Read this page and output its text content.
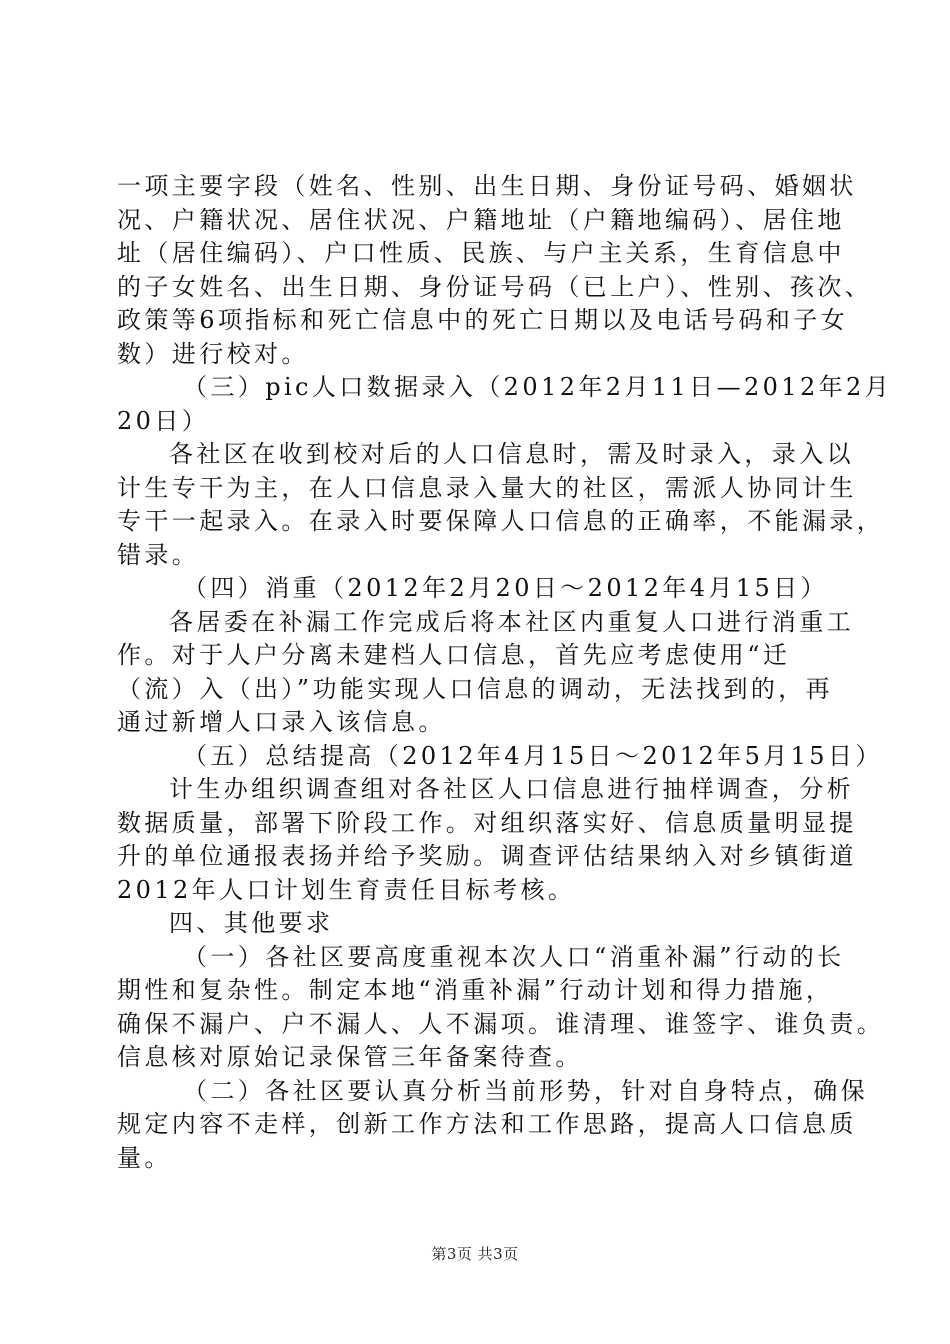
一项主要字段（姓名、性别、出生日期、身份证号码、婚姻状
况、户籍状况、居住状况、户籍地址（户籍地编码）、居住地
址（居住编码）、户口性质、民族、与户主关系，生育信息中
的子女姓名、出生日期、身份证号码（已上户）、性别、孩次、
政策等6项指标和死亡信息中的死亡日期以及电话号码和子女
数）进行校对。
（三）pic人口数据录入（2012年2月11日—2012年2月
20日）
各社区在收到校对后的人口信息时，需及时录入，录入以
计生专干为主，在人口信息录入量大的社区，需派人协同计生
专干一起录入。在录入时要保障人口信息的正确率，不能漏录，
错录。
（四）消重（2012年2月20日～2012年4月15日）
各居委在补漏工作完成后将本社区内重复人口进行消重工
作。对于人户分离未建档人口信息，首先应考虑使用“迁
（流）入（出）”功能实现人口信息的调动，无法找到的，再
通过新增人口录入该信息。
（五）总结提高（2012年4月15日～2012年5月15日）
计生办组织调查组对各社区人口信息进行抽样调查，分析
数据质量，部署下阶段工作。对组织落实好、信息质量明显提
升的单位通报表扬并给予奖励。调查评估结果纳入对乡镇街道
2012年人口计划生育责任目标考核。
四、其他要求
（一）各社区要高度重视本次人口“消重补漏”行动的长
期性和复杂性。制定本地“消重补漏”行动计划和得力措施，
确保不漏户、户不漏人、人不漏项。谁清理、谁签字、谁负责。
信息核对原始记录保管三年备案待查。
（二）各社区要认真分析当前形势，针对自身特点，确保
规定内容不走样，创新工作方法和工作思路，提高人口信息质
量。
第3页 共3页
